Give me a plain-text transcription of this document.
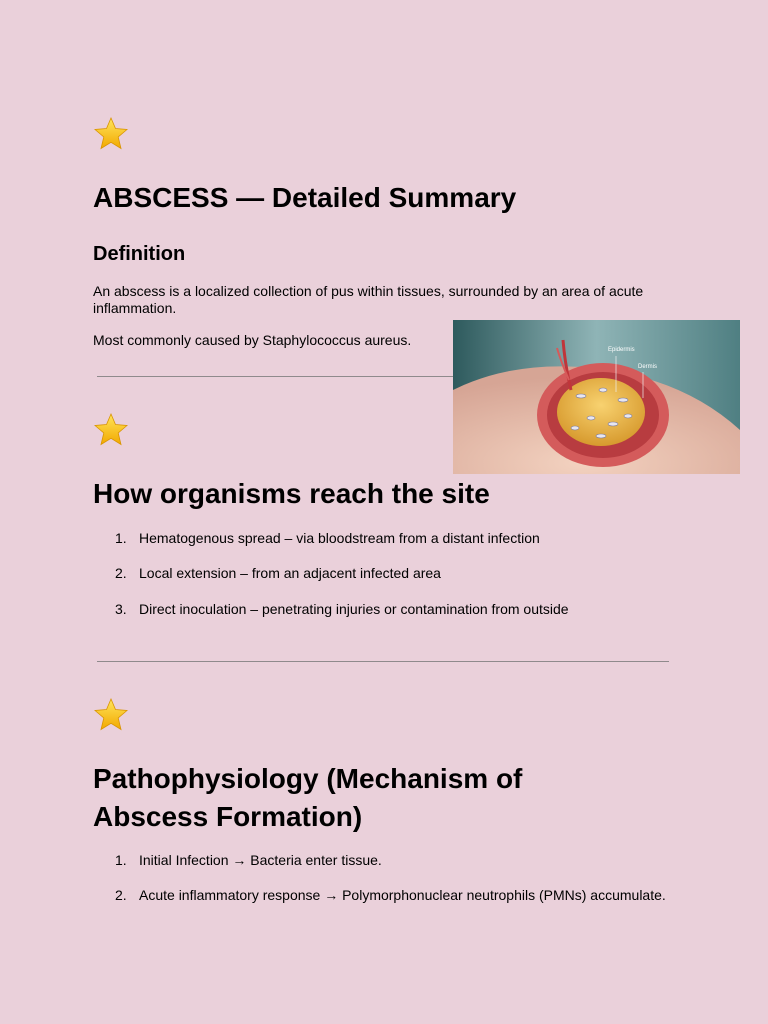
ABSCESS — Detailed Summary
Definition

An abscess is a localized collection of pus within tissues, surrounded by an area of acute inflammation.

Most commonly caused by Staphylococcus aureus.

Epidermis
Dermis
How organisms reach the site
1. Hematogenous spread – via bloodstream from a distant infection
2. Local extension – from an adjacent infected area
3. Direct inoculation – penetrating injuries or contamination from outside
Pathophysiology (Mechanism of
Abscess Formation)
1. Initial Infection → Bacteria enter tissue.
2. Acute inflammatory response → Polymorphonuclear neutrophils (PMNs) accumulate.
